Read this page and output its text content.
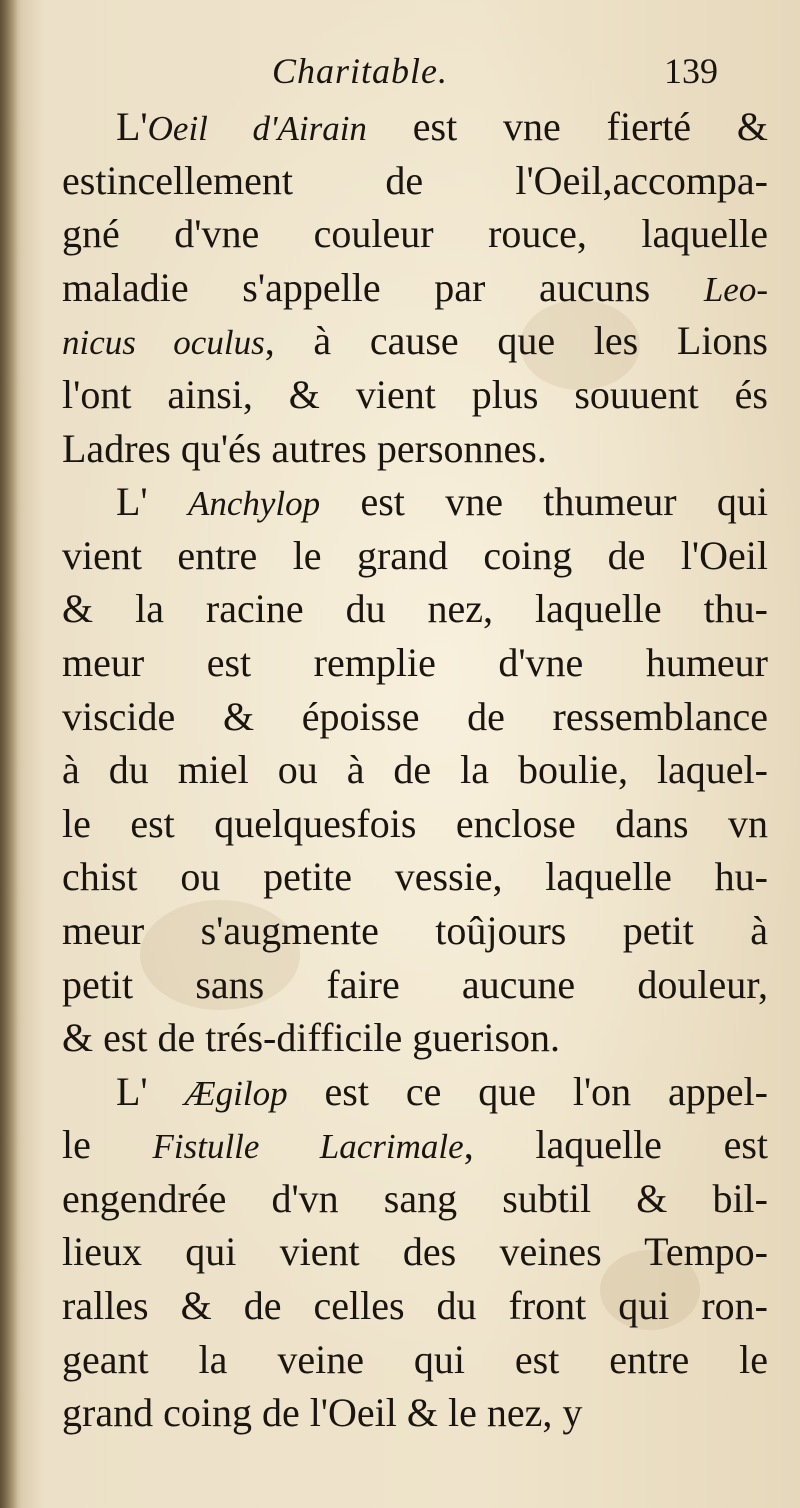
Charitable.	139
L'Oeil d'Airain est vne fierté &
estincellement de l'Oeil,accompa-
gné d'vne couleur rouce, laquelle
maladie s'appelle par aucuns Leo-
nicus oculus, à cause que les Lions
l'ont ainsi, & vient plus souuent és
Ladres qu'és autres personnes.
L' Anchylop est vne thumeur qui
vient entre le grand coing de l'Oeil
& la racine du nez, laquelle thu-
meur est remplie d'vne humeur
viscide & époisse de ressemblance
à du miel ou à de la boulie, laquel-
le est quelquesfois enclose dans vn
chist ou petite vessie, laquelle hu-
meur s'augmente toûjours petit à
petit sans faire aucune douleur,
& est de trés-difficile guerison.
L' Ægilop est ce que l'on appel-
le Fistulle Lacrimale, laquelle est
engendrée d'vn sang subtil & bil-
lieux qui vient des veines Tempo-
ralles & de celles du front qui ron-
geant la veine qui est entre le
grand coing de l'Oeil & le nez, y
